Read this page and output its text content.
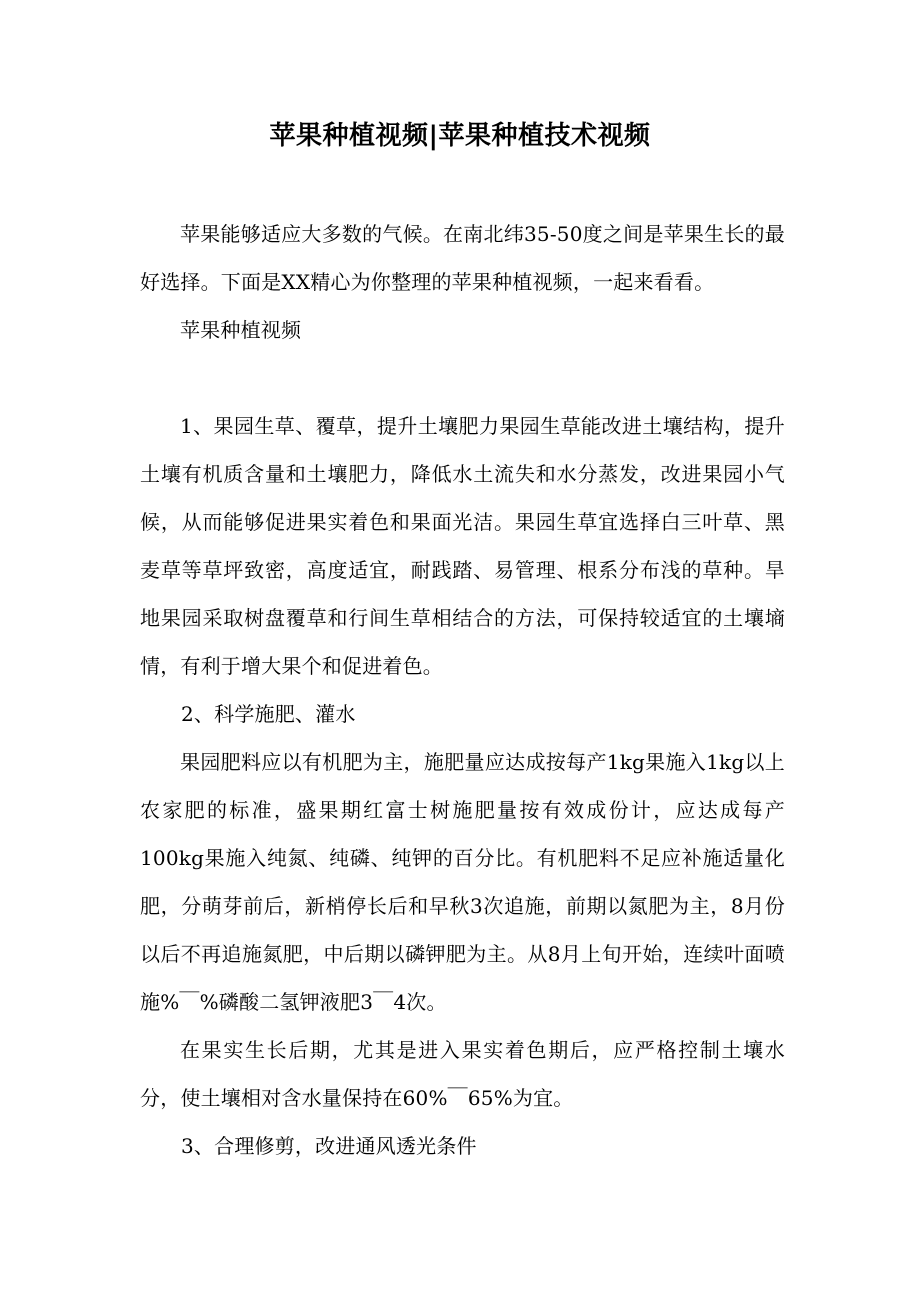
苹果种植视频|苹果种植技术视频

苹果能够适应大多数的气候。在南北纬35-50度之间是苹果生长的最好选择。下面是XX精心为你整理的苹果种植视频，一起来看看。

苹果种植视频

1、果园生草、覆草，提升土壤肥力果园生草能改进土壤结构，提升土壤有机质含量和土壤肥力，降低水土流失和水分蒸发，改进果园小气候，从而能够促进果实着色和果面光洁。果园生草宜选择白三叶草、黑麦草等草坪致密，高度适宜，耐践踏、易管理、根系分布浅的草种。旱地果园采取树盘覆草和行间生草相结合的方法，可保持较适宜的土壤墒情，有利于增大果个和促进着色。

2、科学施肥、灌水

果园肥料应以有机肥为主，施肥量应达成按每产1kg果施入1kg以上农家肥的标准，盛果期红富士树施肥量按有效成份计，应达成每产100kg果施入纯氮、纯磷、纯钾的百分比。有机肥料不足应补施适量化肥，分萌芽前后，新梢停长后和早秋3次追施，前期以氮肥为主，8月份以后不再追施氮肥，中后期以磷钾肥为主。从8月上旬开始，连续叶面喷施%￣%磷酸二氢钾液肥3￣4次。

在果实生长后期，尤其是进入果实着色期后，应严格控制土壤水分，使土壤相对含水量保持在60%￣65%为宜。

3、合理修剪，改进通风透光条件
